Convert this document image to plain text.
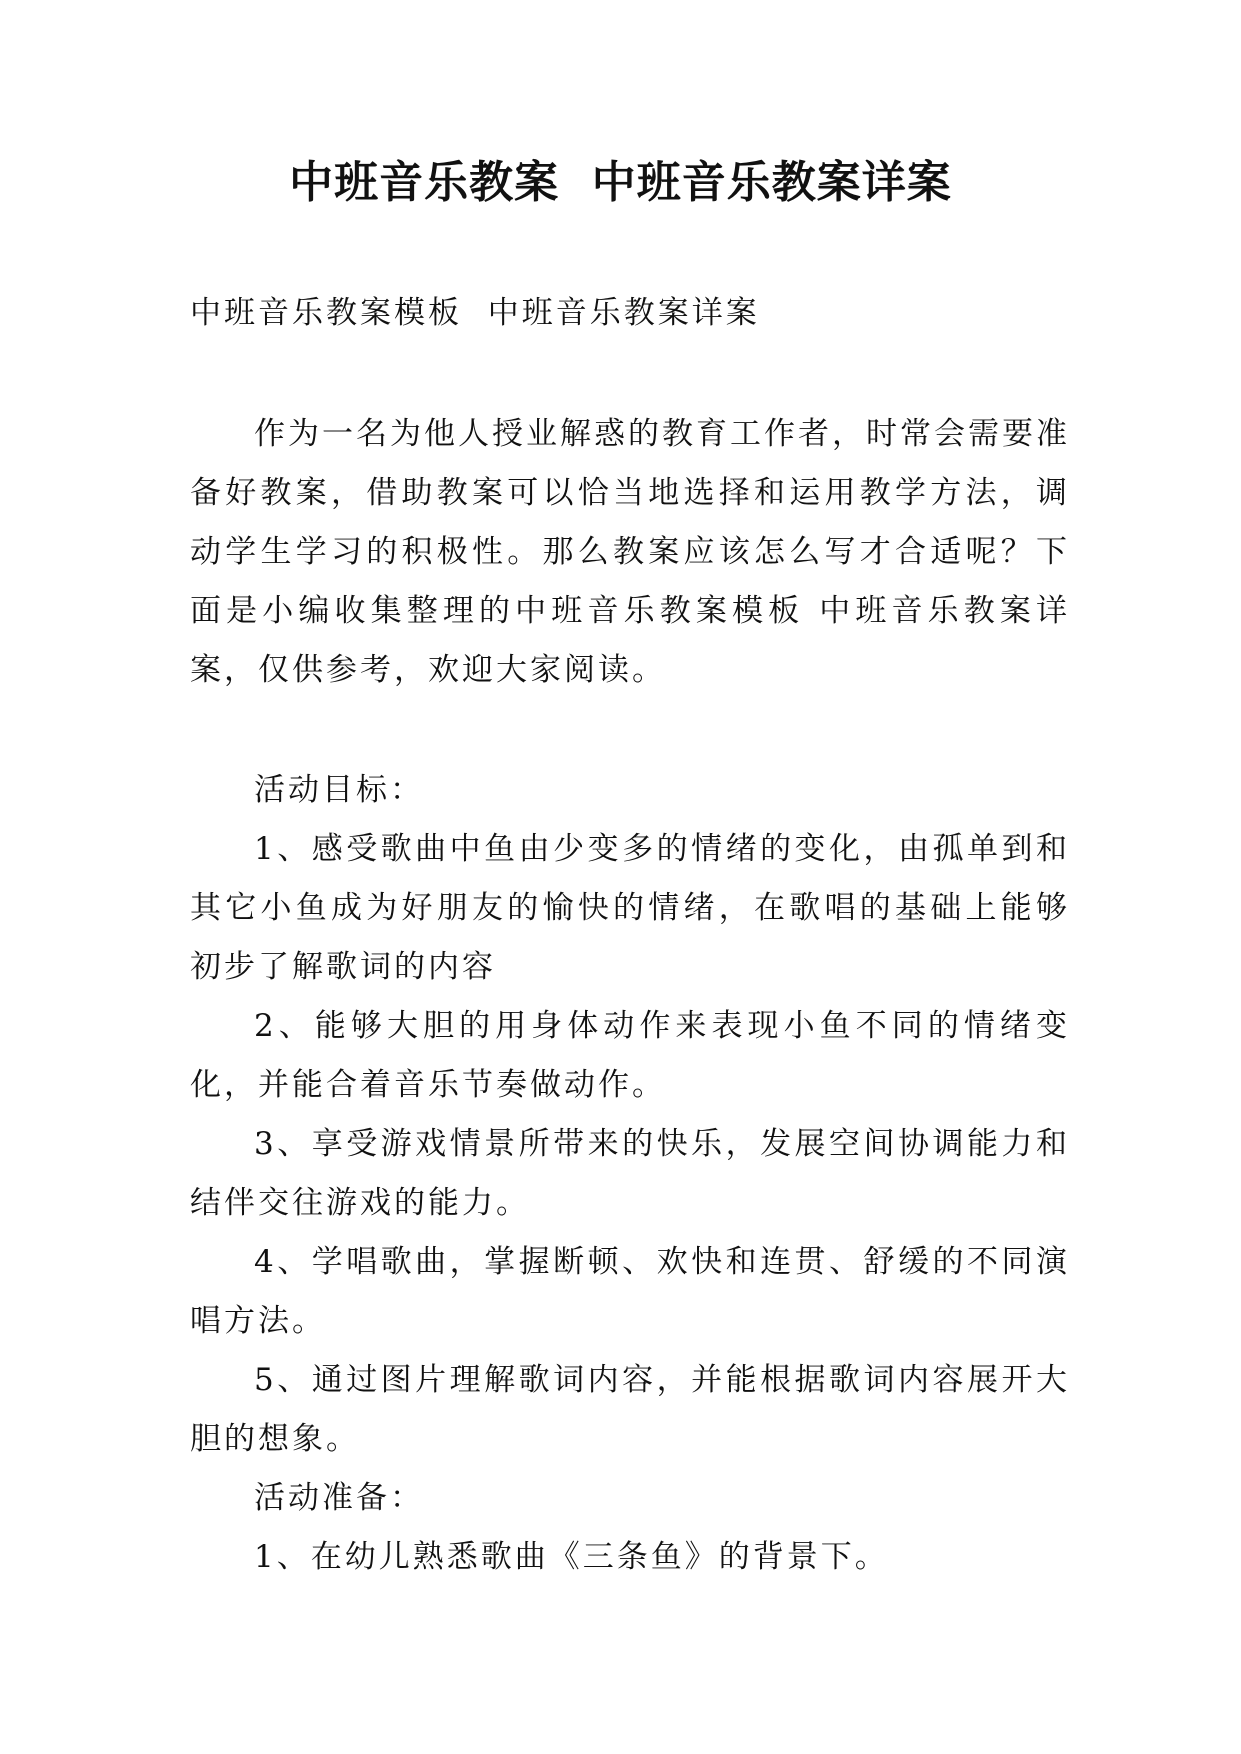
中班音乐教案  中班音乐教案详案
中班音乐教案模板  中班音乐教案详案

作为一名为他人授业解惑的教育工作者，时常会需要准备好教案，借助教案可以恰当地选择和运用教学方法，调动学生学习的积极性。那么教案应该怎么写才合适呢？下面是小编收集整理的中班音乐教案模板 中班音乐教案详案，仅供参考，欢迎大家阅读。

活动目标：

1、感受歌曲中鱼由少变多的情绪的变化，由孤单到和其它小鱼成为好朋友的愉快的情绪，在歌唱的基础上能够初步了解歌词的内容

2、能够大胆的用身体动作来表现小鱼不同的情绪变化，并能合着音乐节奏做动作。

3、享受游戏情景所带来的快乐，发展空间协调能力和结伴交往游戏的能力。

4、学唱歌曲，掌握断顿、欢快和连贯、舒缓的不同演唱方法。

5、通过图片理解歌词内容，并能根据歌词内容展开大胆的想象。

活动准备：

1、在幼儿熟悉歌曲《三条鱼》的背景下。
